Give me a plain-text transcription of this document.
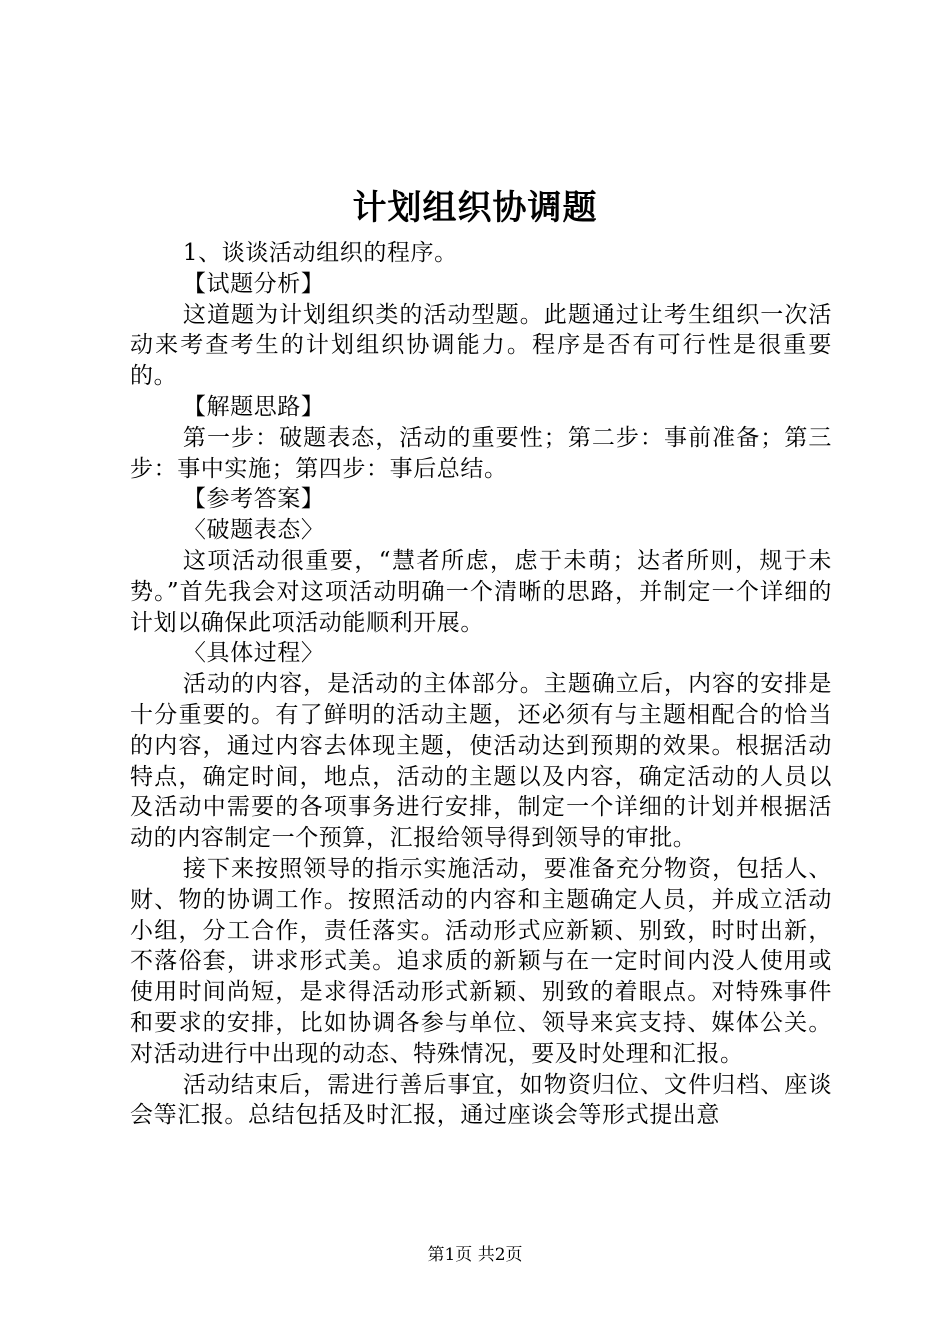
计划组织协调题

1、谈谈活动组织的程序。

【试题分析】

这道题为计划组织类的活动型题。此题通过让考生组织一次活动来考查考生的计划组织协调能力。程序是否有可行性是很重要的。

【解题思路】

第一步：破题表态，活动的重要性；第二步：事前准备；第三步：事中实施；第四步：事后总结。

【参考答案】

〈破题表态〉

这项活动很重要，“慧者所虑，虑于未萌；达者所则，规于未势。”首先我会对这项活动明确一个清晰的思路，并制定一个详细的计划以确保此项活动能顺利开展。

〈具体过程〉

活动的内容，是活动的主体部分。主题确立后，内容的安排是十分重要的。有了鲜明的活动主题，还必须有与主题相配合的恰当的内容，通过内容去体现主题，使活动达到预期的效果。根据活动特点，确定时间，地点，活动的主题以及内容，确定活动的人员以及活动中需要的各项事务进行安排，制定一个详细的计划并根据活动的内容制定一个预算，汇报给领导得到领导的审批。

接下来按照领导的指示实施活动，要准备充分物资，包括人、财、物的协调工作。按照活动的内容和主题确定人员，并成立活动小组，分工合作，责任落实。活动形式应新颖、别致，时时出新，不落俗套，讲求形式美。追求质的新颖与在一定时间内没人使用或使用时间尚短，是求得活动形式新颖、别致的着眼点。对特殊事件和要求的安排，比如协调各参与单位、领导来宾支持、媒体公关。对活动进行中出现的动态、特殊情况，要及时处理和汇报。

活动结束后，需进行善后事宜，如物资归位、文件归档、座谈会等汇报。总结包括及时汇报，通过座谈会等形式提出意

第1页 共2页
